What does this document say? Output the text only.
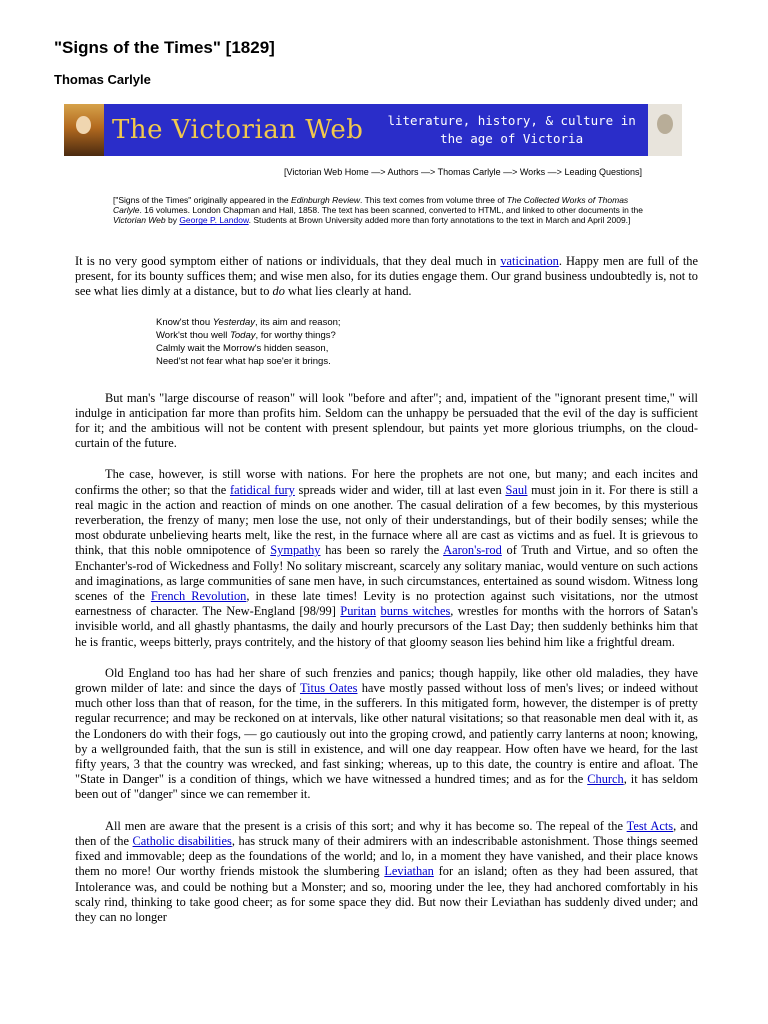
"Signs of the Times" [1829]
Thomas Carlyle
The Victorian Web literature, history, & culture in
the age of Victoria
[Victorian Web Home —> Authors —> Thomas Carlyle —> Works —> Leading Questions]
["Signs of the Times" originally appeared in the Edinburgh Review. This text comes from volume three of The Collected Works of Thomas Carlyle. 16 volumes. London Chapman and Hall, 1858. The text has been scanned, converted to HTML, and linked to other documents in the Victorian Web by George P. Landow. Students at Brown University added more than forty annotations to the text in March and April 2009.]

It is no very good symptom either of nations or individuals, that they deal much in vaticination. Happy men are full of the present, for its bounty suffices them; and wise men also, for its duties engage them. Our grand business undoubtedly is, not to see what lies dimly at a distance, but to do what lies clearly at hand.

Know'st thou Yesterday, its aim and reason;
Work'st thou well Today, for worthy things?
Calmly wait the Morrow's hidden season,
Need'st not fear what hap soe'er it brings.

But man's "large discourse of reason" will look "before and after"; and, impatient of the "ignorant present time," will indulge in anticipation far more than profits him. Seldom can the unhappy be persuaded that the evil of the day is sufficient for it; and the ambitious will not be content with present splendour, but paints yet more glorious triumphs, on the cloud-curtain of the future.

The case, however, is still worse with nations. For here the prophets are not one, but many; and each incites and confirms the other; so that the fatidical fury spreads wider and wider, till at last even Saul must join in it. For there is still a real magic in the action and reaction of minds on one another. The casual deliration of a few becomes, by this mysterious reverberation, the frenzy of many; men lose the use, not only of their understandings, but of their bodily senses; while the most obdurate unbelieving hearts melt, like the rest, in the furnace where all are cast as victims and as fuel. It is grievous to think, that this noble omnipotence of Sympathy has been so rarely the Aaron's-rod of Truth and Virtue, and so often the Enchanter's-rod of Wickedness and Folly! No solitary miscreant, scarcely any solitary maniac, would venture on such actions and imaginations, as large communities of sane men have, in such circumstances, entertained as sound wisdom. Witness long scenes of the French Revolution, in these late times! Levity is no protection against such visitations, nor the utmost earnestness of character. The New-England [98/99] Puritan burns witches, wrestles for months with the horrors of Satan's invisible world, and all ghastly phantasms, the daily and hourly precursors of the Last Day; then suddenly bethinks him that he is frantic, weeps bitterly, prays contritely, and the history of that gloomy season lies behind him like a frightful dream.

Old England too has had her share of such frenzies and panics; though happily, like other old maladies, they have grown milder of late: and since the days of Titus Oates have mostly passed without loss of men's lives; or indeed without much other loss than that of reason, for the time, in the sufferers. In this mitigated form, however, the distemper is of pretty regular recurrence; and may be reckoned on at intervals, like other natural visitations; so that reasonable men deal with it, as the Londoners do with their fogs, — go cautiously out into the groping crowd, and patiently carry lanterns at noon; knowing, by a wellgrounded faith, that the sun is still in existence, and will one day reappear. How often have we heard, for the last fifty years, 3 that the country was wrecked, and fast sinking; whereas, up to this date, the country is entire and afloat. The "State in Danger" is a condition of things, which we have witnessed a hundred times; and as for the Church, it has seldom been out of "danger" since we can remember it.

All men are aware that the present is a crisis of this sort; and why it has become so. The repeal of the Test Acts, and then of the Catholic disabilities, has struck many of their admirers with an indescribable astonishment. Those things seemed fixed and immovable; deep as the foundations of the world; and lo, in a moment they have vanished, and their place knows them no more! Our worthy friends mistook the slumbering Leviathan for an island; often as they had been assured, that Intolerance was, and could be nothing but a Monster; and so, mooring under the lee, they had anchored comfortably in his scaly rind, thinking to take good cheer; as for some space they did. But now their Leviathan has suddenly dived under; and they can no longer
